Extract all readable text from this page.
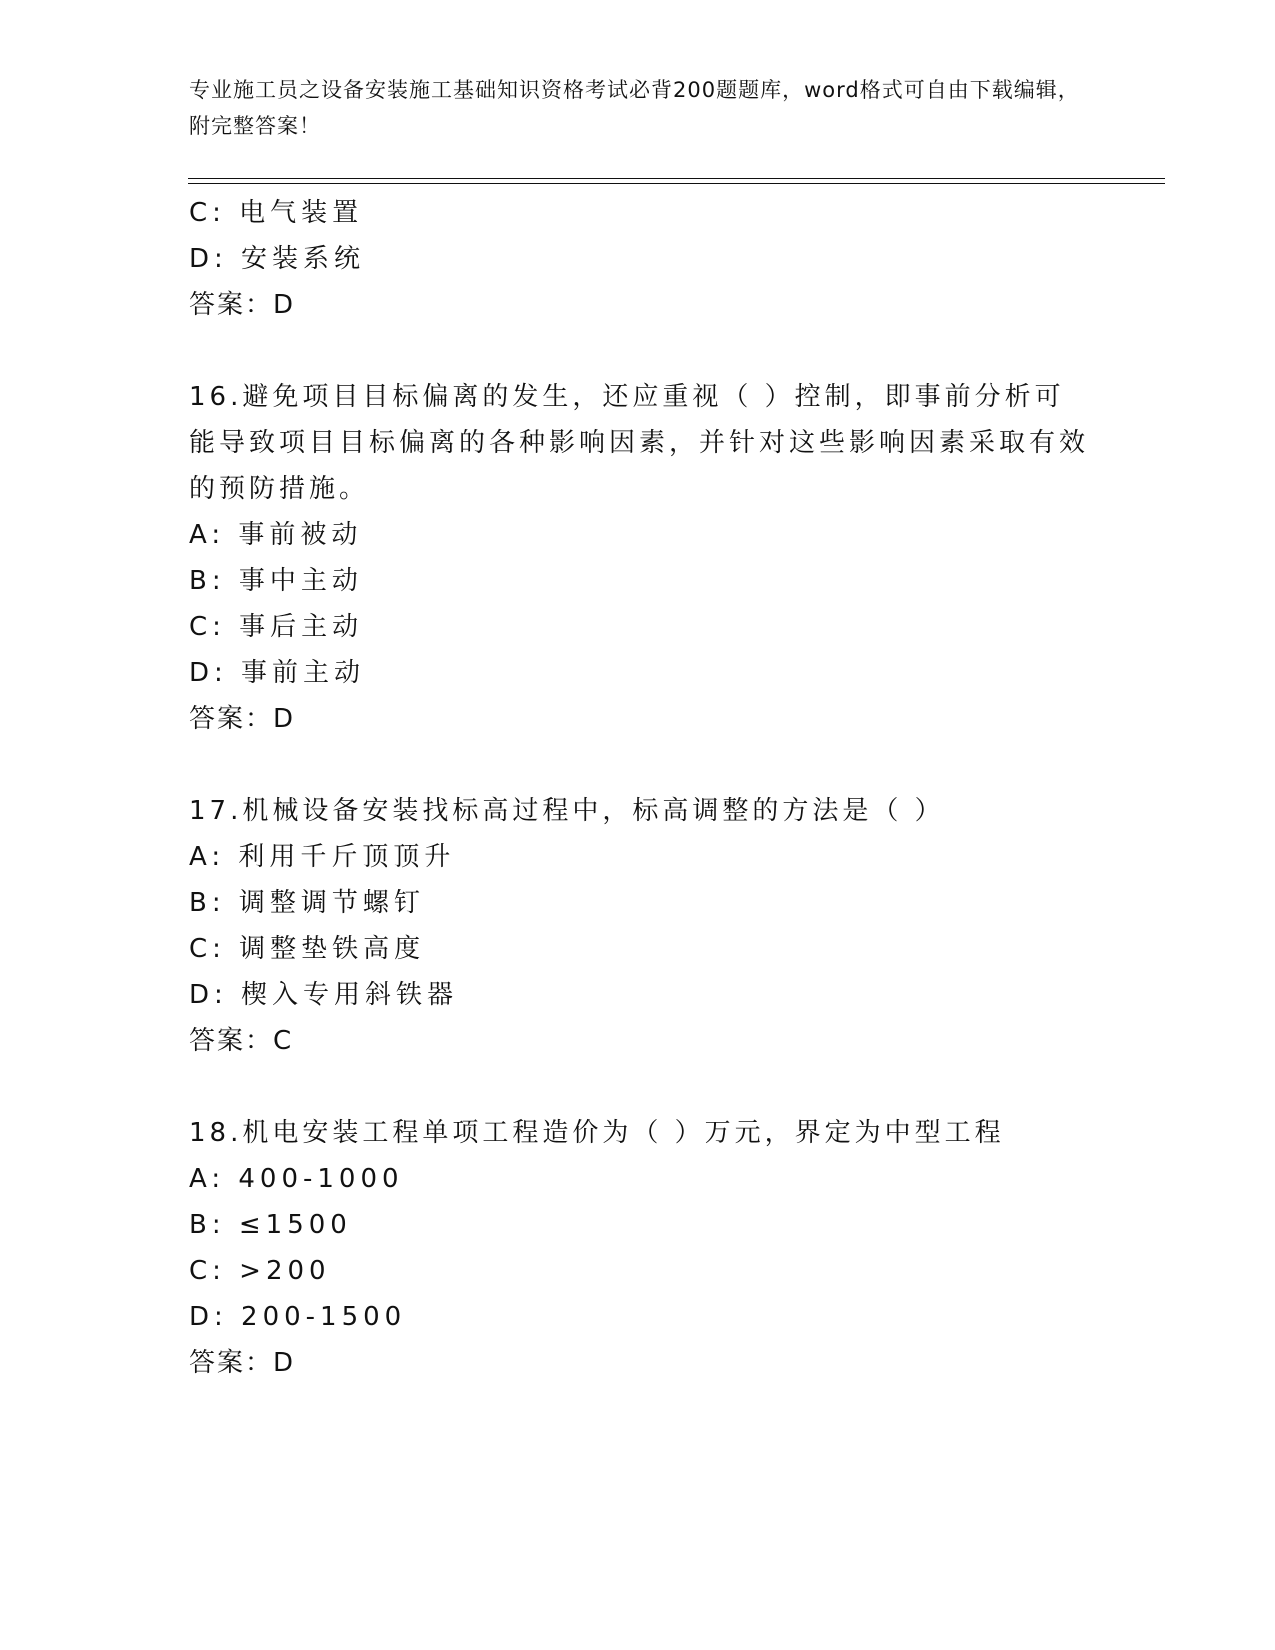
专业施工员之设备安装施工基础知识资格考试必背200题题库，word格式可自由下载编辑，附完整答案！
C: 电气装置
D: 安装系统
答案：D
16.避免项目目标偏离的发生，还应重视（ ）控制，即事前分析可能导致项目目标偏离的各种影响因素，并针对这些影响因素采取有效的预防措施。
A: 事前被动
B: 事中主动
C: 事后主动
D: 事前主动
答案：D
17.机械设备安装找标高过程中，标高调整的方法是（ ）
A: 利用千斤顶顶升
B: 调整调节螺钉
C: 调整垫铁高度
D: 楔入专用斜铁器
答案：C
18.机电安装工程单项工程造价为（ ）万元，界定为中型工程
A: 400-1000
B: ≤1500
C: >200
D: 200-1500
答案：D
